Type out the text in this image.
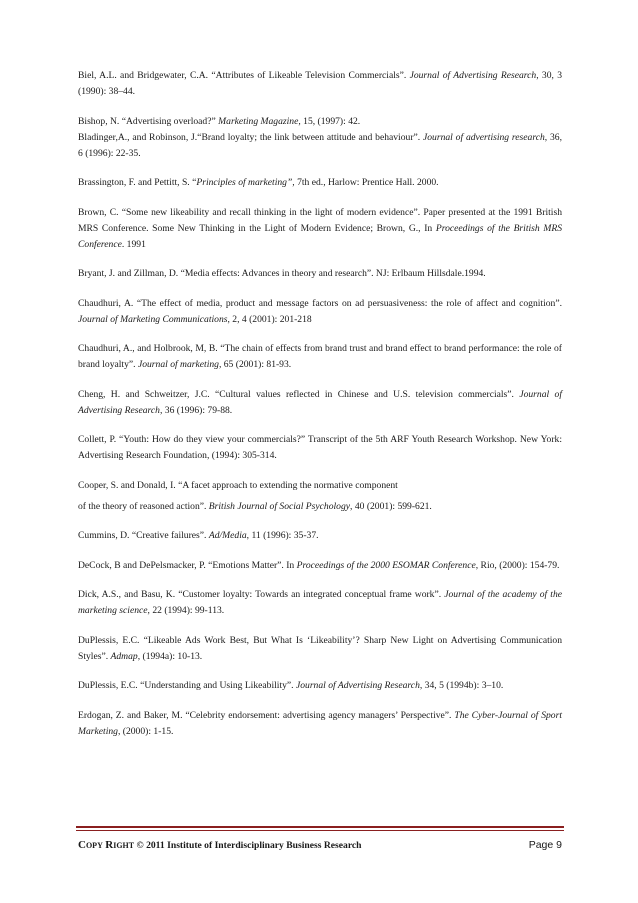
Biel, A.L. and Bridgewater, C.A. “Attributes of Likeable Television Commercials”. Journal of Advertising Research, 30, 3 (1990): 38–44.

Bishop, N. “Advertising overload?” Marketing Magazine, 15, (1997): 42.

Bladinger,A., and Robinson, J.“Brand loyalty; the link between attitude and behaviour”. Journal of advertising research, 36, 6 (1996): 22-35.

Brassington, F. and Pettitt, S. “Principles of marketing”, 7th ed., Harlow: Prentice Hall. 2000.

Brown, C. “Some new likeability and recall thinking in the light of modern evidence”. Paper presented at the 1991 British MRS Conference. Some New Thinking in the Light of Modern Evidence; Brown, G., In Proceedings of the British MRS Conference. 1991

Bryant, J. and Zillman, D. “Media effects: Advances in theory and research”. NJ: Erlbaum Hillsdale.1994.

Chaudhuri, A. “The effect of media, product and message factors on ad persuasiveness: the role of affect and cognition”. Journal of Marketing Communications, 2, 4 (2001): 201-218

Chaudhuri, A., and Holbrook, M, B. “The chain of effects from brand trust and brand effect to brand performance: the role of brand loyalty”. Journal of marketing, 65 (2001): 81-93.

Cheng, H. and Schweitzer, J.C. “Cultural values reflected in Chinese and U.S. television commercials”. Journal of Advertising Research, 36 (1996): 79-88.

Collett, P. “Youth: How do they view your commercials?” Transcript of the 5th ARF Youth Research Workshop. New York: Advertising Research Foundation, (1994): 305-314.

Cooper, S. and Donald, I. “A facet approach to extending the normative component

of the theory of reasoned action”. British Journal of Social Psychology, 40 (2001): 599-621.

Cummins, D. “Creative failures”. Ad/Media, 11 (1996): 35-37.

DeCock, B and DePelsmacker, P. “Emotions Matter”. In Proceedings of the 2000 ESOMAR Conference, Rio, (2000): 154-79.

Dick, A.S., and Basu, K. “Customer loyalty: Towards an integrated conceptual frame work”. Journal of the academy of the marketing science, 22 (1994): 99-113.

DuPlessis, E.C. “Likeable Ads Work Best, But What Is ‘Likeability’? Sharp New Light on Advertising Communication Styles”. Admap, (1994a): 10-13.

DuPlessis, E.C. “Understanding and Using Likeability”. Journal of Advertising Research, 34, 5 (1994b): 3–10.

Erdogan, Z. and Baker, M. “Celebrity endorsement: advertising agency managers’ Perspective”. The Cyber-Journal of Sport Marketing, (2000): 1-15.

COPY RIGHT © 2011 Institute of Interdisciplinary Business Research	Page 9
